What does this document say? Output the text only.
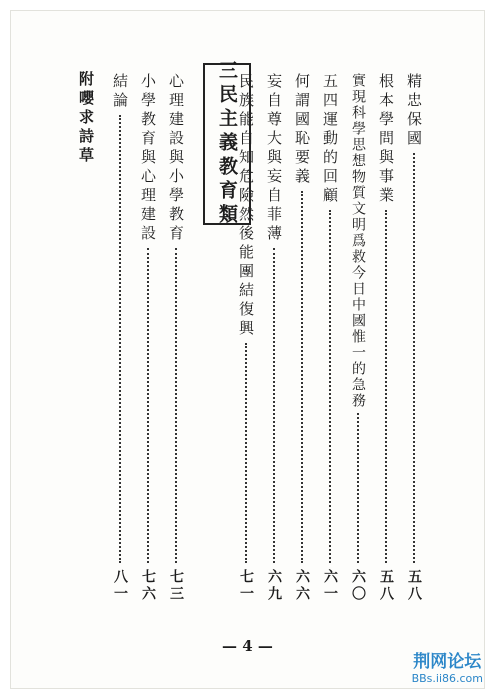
精忠保國
五八
根本學問與事業
五八
實現科學思想物質文明爲救今日中國惟一的急務
六〇
五四運動的回顧
六一
何謂國恥要義
六六
妄自尊大與妄自菲薄
六九
民族能自知危險然後能團結復興
七一
三民主義教育類
心理建設與小學教育
七三
小學教育與心理建設
七六
結論
八一
附嚶求詩草
— 4 —
荆网论坛
BBs.ii86.com
